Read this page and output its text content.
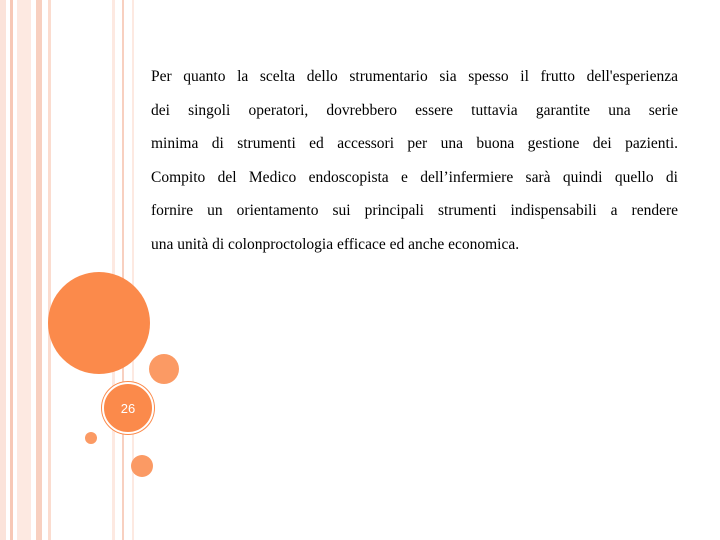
26

Per quanto la scelta dello strumentario sia spesso il frutto dell'esperienza
dei singoli operatori, dovrebbero essere tuttavia garantite una serie
minima di strumenti ed accessori per una buona gestione dei pazienti.
Compito del Medico endoscopista e dell’infermiere sarà quindi quello di
fornire un orientamento sui principali strumenti indispensabili a rendere
una unità di colonproctologia efficace ed anche economica.
